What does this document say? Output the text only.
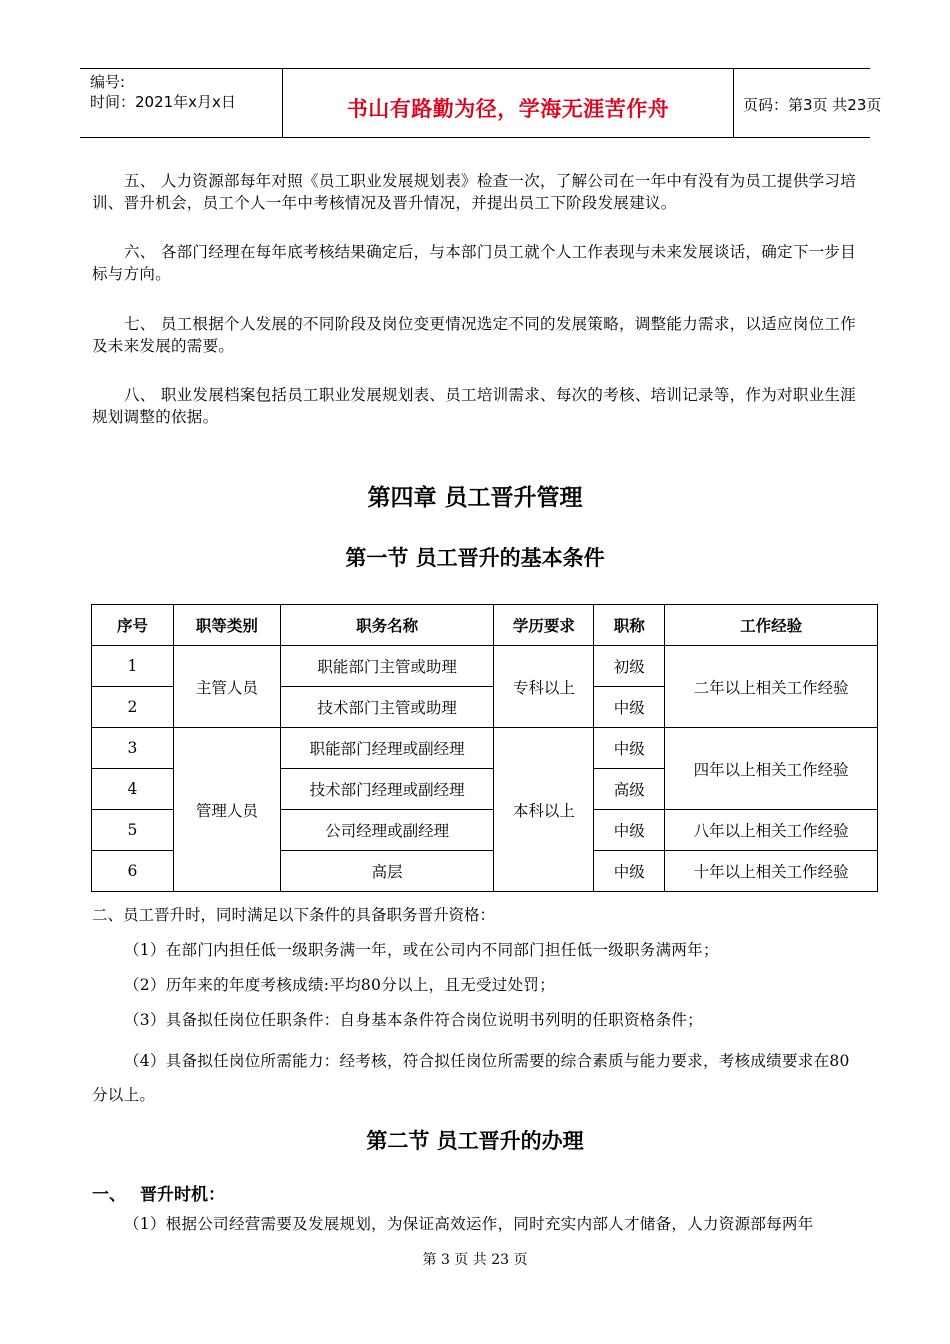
编号:
时间：2021年x月x日	书山有路勤为径，学海无涯苦作舟	页码：第3页 共23页
五、 人力资源部每年对照《员工职业发展规划表》检查一次，了解公司在一年中有没有为员工提供学习培训、晋升机会，员工个人一年中考核情况及晋升情况，并提出员工下阶段发展建议。
六、 各部门经理在每年底考核结果确定后，与本部门员工就个人工作表现与未来发展谈话，确定下一步目标与方向。
七、 员工根据个人发展的不同阶段及岗位变更情况选定不同的发展策略，调整能力需求，以适应岗位工作及未来发展的需要。
八、 职业发展档案包括员工职业发展规划表、员工培训需求、每次的考核、培训记录等，作为对职业生涯规划调整的依据。
第四章 员工晋升管理
第一节 员工晋升的基本条件
序号	职等类别	职务名称	学历要求	职称	工作经验
1	主管人员	职能部门主管或助理	专科以上	初级	二年以上相关工作经验
2		技术部门主管或助理		中级	
3	管理人员	职能部门经理或副经理	本科以上	中级	四年以上相关工作经验
4		技术部门经理或副经理		高级	
5		公司经理或副经理		中级	八年以上相关工作经验
6		高层		中级	十年以上相关工作经验
二、员工晋升时，同时满足以下条件的具备职务晋升资格：
（1）在部门内担任低一级职务满一年，或在公司内不同部门担任低一级职务满两年；
（2）历年来的年度考核成绩:平均80分以上，且无受过处罚；
（3）具备拟任岗位任职条件：自身基本条件符合岗位说明书列明的任职资格条件；
（4）具备拟任岗位所需能力：经考核，符合拟任岗位所需要的综合素质与能力要求，考核成绩要求在80分以上。
第二节 员工晋升的办理
一、 晋升时机：
（1）根据公司经营需要及发展规划，为保证高效运作，同时充实内部人才储备，人力资源部每两年
第 3 页 共 23 页
